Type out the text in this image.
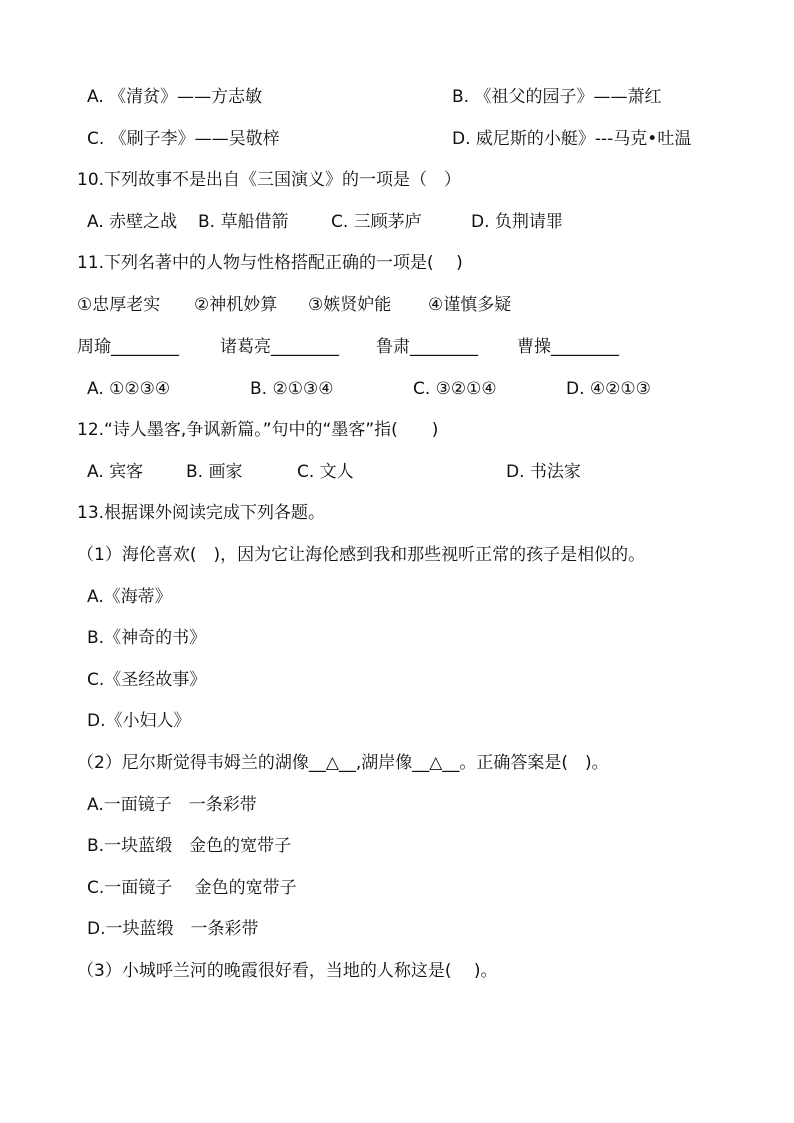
A. 《清贫》——方志敏	B. 《祖父的园子》——萧红
C. 《刷子李》——吴敬梓	D. 威尼斯的小艇》---马克•吐温
10.下列故事不是出自《三国演义》的一项是（　）
A. 赤壁之战 B. 草船借箭	C. 三顾茅庐	D. 负荆请罪
11.下列名著中的人物与性格搭配正确的一项是(　 )
①忠厚老实 ②神机妙算 ③嫉贤妒能 ④谨慎多疑
周瑜________ 诸葛亮________ 鲁肃________ 曹操________
A. ①②③④	B. ②①③④	C. ③②①④	D. ④②①③
12.“诗人墨客,争讽新篇。”句中的“墨客”指(　　)
A. 宾客	B. 画家	C. 文人	D. 书法家
13.根据课外阅读完成下列各题。
（1）海伦喜欢(　)，因为它让海伦感到我和那些视听正常的孩子是相似的。
A.《海蒂》
B.《神奇的书》
C.《圣经故事》
D.《小妇人》
（2）尼尔斯觉得韦姆兰的湖像__△__,湖岸像__△__。正确答案是(　)。
A.一面镜子　一条彩带
B.一块蓝缎　金色的宽带子
C.一面镜子　 金色的宽带子
D.一块蓝缎　一条彩带
（3）小城呼兰河的晚霞很好看，当地的人称这是(　 )。
